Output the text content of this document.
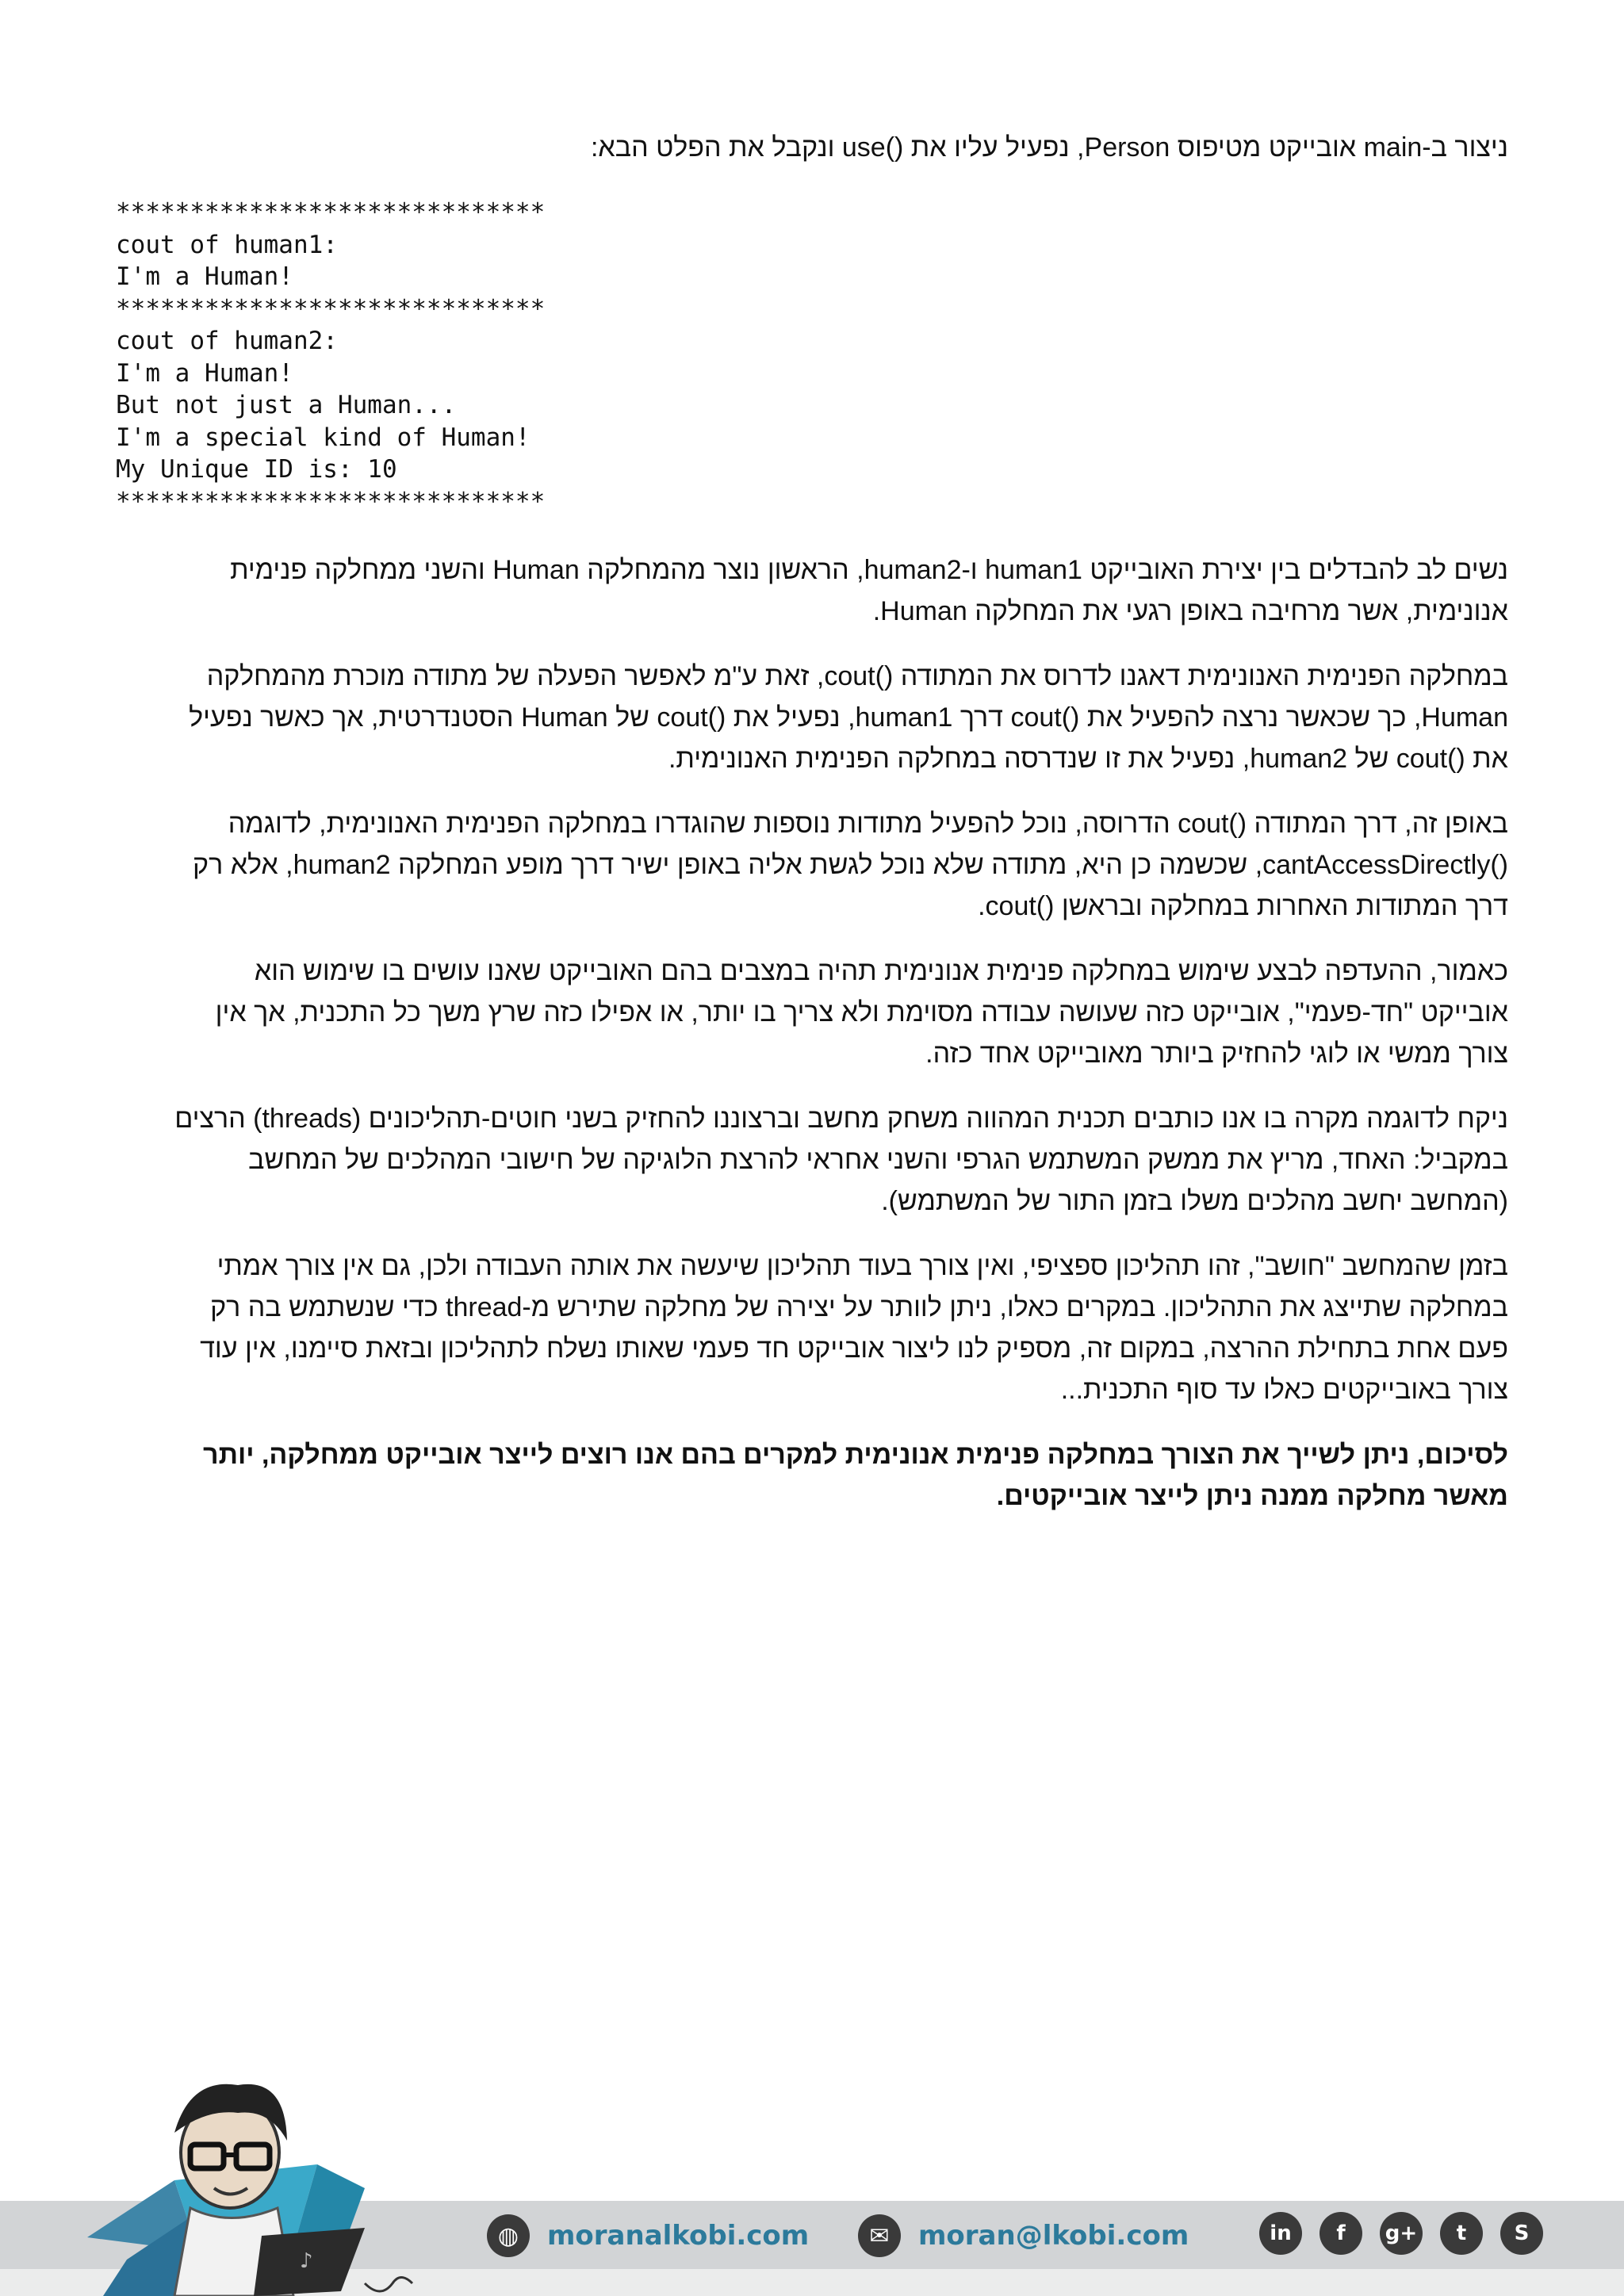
ניצור ב-main אובייקט מטיפוס Person, נפעיל עליו את ()use ונקבל את הפלט הבא:

*****************************
cout of human1:
I'm a Human!
*****************************
cout of human2:
I'm a Human!
But not just a Human...
I'm a special kind of Human!
My Unique ID is: 10
*****************************

נשים לב להבדלים בין יצירת האובייקט human1 ו-human2, הראשון נוצר מהמחלקה Human והשני ממחלקה פנימית
אנונימית, אשר מרחיבה באופן רגעי את המחלקה Human.

במחלקה הפנימית האנונימית דאגנו לדרוס את המתודה ()cout, זאת ע"מ לאפשר הפעלה של מתודה מוכרת מהמחלקה
Human, כך שכאשר נרצה להפעיל את ()cout דרך human1, נפעיל את ()cout של Human הסטנדרטית, אך כאשר נפעיל
את ()cout של human2, נפעיל את זו שנדרסה במחלקה הפנימית האנונימית.

באופן זה, דרך המתודה ()cout הדרוסה, נוכל להפעיל מתודות נוספות שהוגדרו במחלקה הפנימית האנונימית, לדוגמה
()cantAccessDirectly, שכשמה כן היא, מתודה שלא נוכל לגשת אליה באופן ישיר דרך מופע המחלקה human2, אלא רק
דרך המתודות האחרות במחלקה ובראשן ()cout.

כאמור, ההעדפה לבצע שימוש במחלקה פנימית אנונימית תהיה במצבים בהם האובייקט שאנו עושים בו שימוש הוא
אובייקט "חד-פעמי", אובייקט כזה שעושה עבודה מסוימת ולא צריך בו יותר, או אפילו כזה שרץ משך כל התכנית, אך אין
צורך ממשי או לוגי להחזיק ביותר מאובייקט אחד כזה.

ניקח לדוגמה מקרה בו אנו כותבים תכנית המהווה משחק מחשב וברצוננו להחזיק בשני חוטים-תהליכונים (threads) הרצים
במקביל: האחד, מריץ את ממשק המשתמש הגרפי והשני אחראי להרצת הלוגיקה של חישובי המהלכים של המחשב
(המחשב יחשב מהלכים משלו בזמן התור של המשתמש).

בזמן שהמחשב "חושב", זהו תהליכון ספציפי, ואין צורך בעוד תהליכון שיעשה את אותה העבודה ולכן, גם אין צורך אמתי
במחלקה שתייצג את התהליכון. במקרים כאלו, ניתן לוותר על יצירה של מחלקה שתירש מ-thread כדי שנשתמש בה רק
פעם אחת בתחילת ההרצה, במקום זה, מספיק לנו ליצור אובייקט חד פעמי שאותו נשלח לתהליכון ובזאת סיימנו, אין עוד
צורך באובייקטים כאלו עד סוף התכנית...

לסיכום, ניתן לשייך את הצורך במחלקה פנימית אנונימית למקרים בהם אנו רוצים לייצר אובייקט ממחלקה, יותר
מאשר מחלקה ממנה ניתן לייצר אובייקטים.

♪
◍	moranalkobi.com	✉	moran@lkobi.com	in	f	g+	t	S
